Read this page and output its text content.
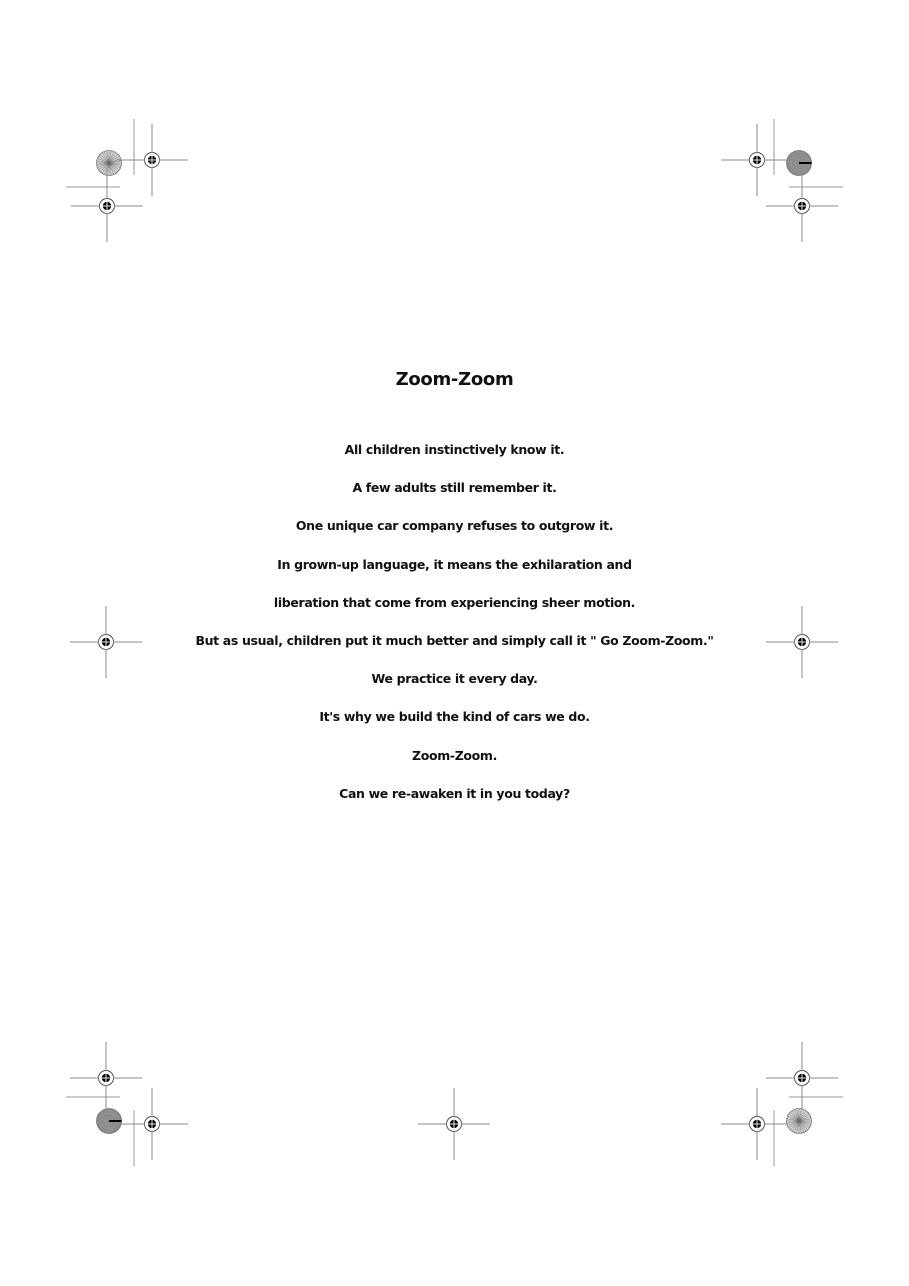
Zoom-Zoom
All children instinctively know it.
A few adults still remember it.
One unique car company refuses to outgrow it.
In grown-up language, it means the exhilaration and
liberation that come from experiencing sheer motion.
But as usual, children put it much better and simply call it " Go Zoom-Zoom."
We practice it every day.
It's why we build the kind of cars we do.
Zoom-Zoom.
Can we re-awaken it in you today?
